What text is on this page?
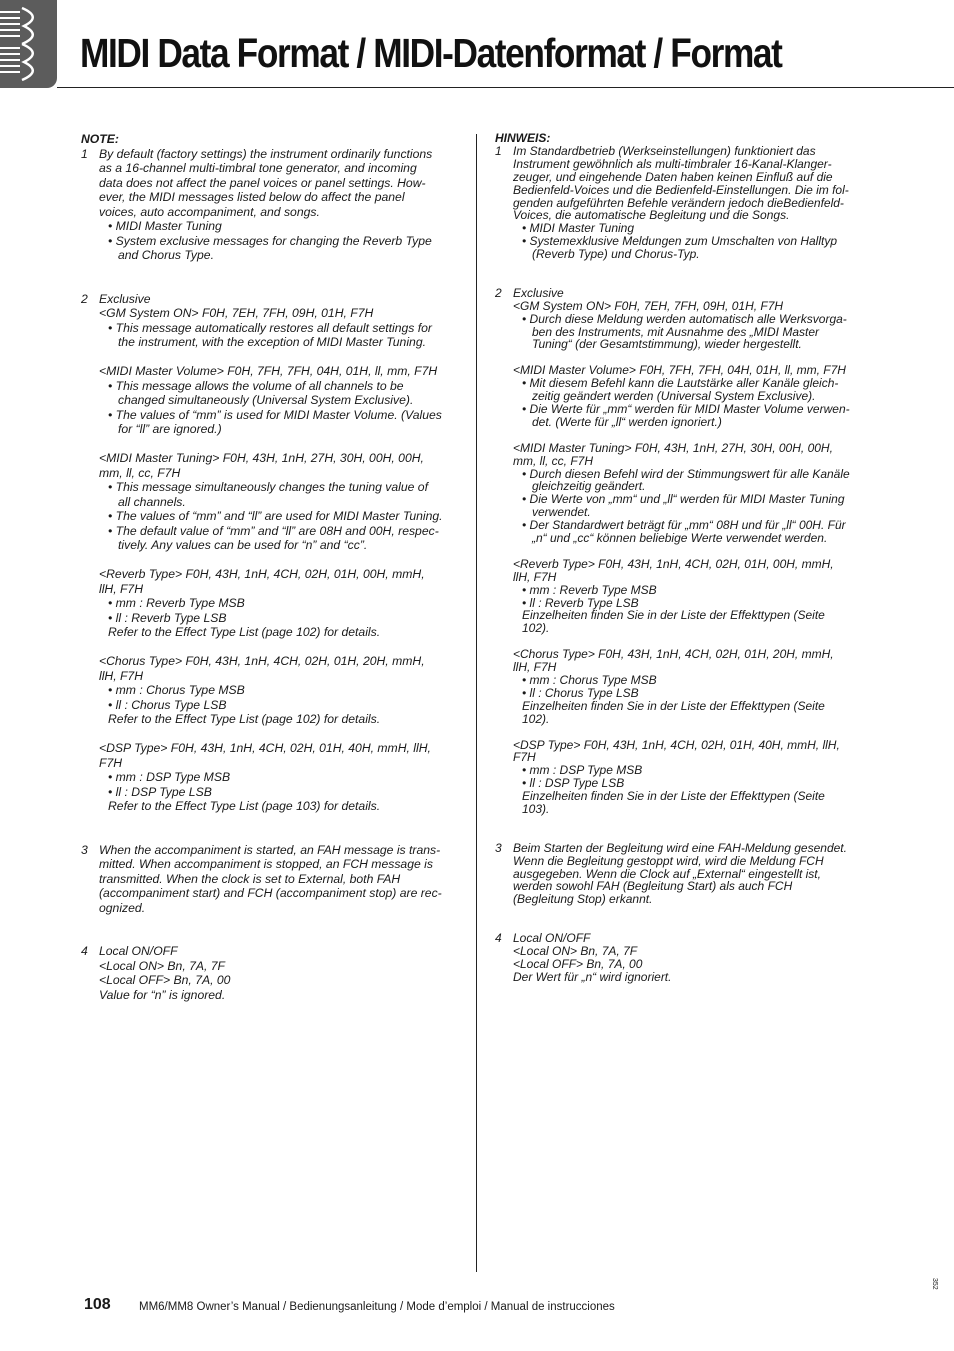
MIDI Data Format / MIDI-Datenformat / Format
NOTE:
1 By default (factory settings) the instrument ordinarily functions
as a 16-channel multi-timbral tone generator, and incoming
data does not affect the panel voices or panel settings. How-
ever, the MIDI messages listed below do affect the panel
voices, auto accompaniment, and songs.
• MIDI Master Tuning
• System exclusive messages for changing the Reverb Type
and Chorus Type.
2 Exclusive
<GM System ON> F0H, 7EH, 7FH, 09H, 01H, F7H
• This message automatically restores all default settings for
the instrument, with the exception of MIDI Master Tuning.
<MIDI Master Volume> F0H, 7FH, 7FH, 04H, 01H, ll, mm, F7H
• This message allows the volume of all channels to be
changed simultaneously (Universal System Exclusive).
• The values of “mm” is used for MIDI Master Volume. (Values
for “ll” are ignored.)
<MIDI Master Tuning> F0H, 43H, 1nH, 27H, 30H, 00H, 00H,
mm, ll, cc, F7H
• This message simultaneously changes the tuning value of
all channels.
• The values of “mm” and “ll” are used for MIDI Master Tuning.
• The default value of “mm” and “ll” are 08H and 00H, respec-
tively. Any values can be used for “n” and “cc”.
<Reverb Type> F0H, 43H, 1nH, 4CH, 02H, 01H, 00H, mmH,
llH, F7H
• mm : Reverb Type MSB
• ll : Reverb Type LSB
Refer to the Effect Type List (page 102) for details.
<Chorus Type> F0H, 43H, 1nH, 4CH, 02H, 01H, 20H, mmH,
llH, F7H
• mm : Chorus Type MSB
• ll : Chorus Type LSB
Refer to the Effect Type List (page 102) for details.
<DSP Type> F0H, 43H, 1nH, 4CH, 02H, 01H, 40H, mmH, llH,
F7H
• mm : DSP Type MSB
• ll : DSP Type LSB
Refer to the Effect Type List (page 103) for details.
3 When the accompaniment is started, an FAH message is trans-
mitted. When accompaniment is stopped, an FCH message is
transmitted. When the clock is set to External, both FAH
(accompaniment start) and FCH (accompaniment stop) are rec-
ognized.
4 Local ON/OFF
<Local ON> Bn, 7A, 7F
<Local OFF> Bn, 7A, 00
Value for “n” is ignored.
HINWEIS:
1 Im Standardbetrieb (Werkseinstellungen) funktioniert das
Instrument gewöhnlich als multi-timbraler 16-Kanal-Klanger-
zeuger, und eingehende Daten haben keinen Einfluß auf die
Bedienfeld-Voices und die Bedienfeld-Einstellungen. Die im fol-
genden aufgeführten Befehle verändern jedoch dieBedienfeld-
Voices, die automatische Begleitung und die Songs.
• MIDI Master Tuning
• Systemexklusive Meldungen zum Umschalten von Halltyp
(Reverb Type) und Chorus-Typ.
2 Exclusive
<GM System ON> F0H, 7EH, 7FH, 09H, 01H, F7H
• Durch diese Meldung werden automatisch alle Werksvorga-
ben des Instruments, mit Ausnahme des „MIDI Master
Tuning“ (der Gesamtstimmung), wieder hergestellt.
<MIDI Master Volume> F0H, 7FH, 7FH, 04H, 01H, ll, mm, F7H
• Mit diesem Befehl kann die Lautstärke aller Kanäle gleich-
zeitig geändert werden (Universal System Exclusive).
• Die Werte für „mm“ werden für MIDI Master Volume verwen-
det. (Werte für „ll“ werden ignoriert.)
<MIDI Master Tuning> F0H, 43H, 1nH, 27H, 30H, 00H, 00H,
mm, ll, cc, F7H
• Durch diesen Befehl wird der Stimmungswert für alle Kanäle
gleichzeitig geändert.
• Die Werte von „mm“ und „ll“ werden für MIDI Master Tuning
verwendet.
• Der Standardwert beträgt für „mm“ 08H und für „ll“ 00H. Für
„n“ und „cc“ können beliebige Werte verwendet werden.
<Reverb Type> F0H, 43H, 1nH, 4CH, 02H, 01H, 00H, mmH,
llH, F7H
• mm : Reverb Type MSB
• ll : Reverb Type LSB
Einzelheiten finden Sie in der Liste der Effekttypen (Seite
102).
<Chorus Type> F0H, 43H, 1nH, 4CH, 02H, 01H, 20H, mmH,
llH, F7H
• mm : Chorus Type MSB
• ll : Chorus Type LSB
Einzelheiten finden Sie in der Liste der Effekttypen (Seite
102).
<DSP Type> F0H, 43H, 1nH, 4CH, 02H, 01H, 40H, mmH, llH,
F7H
• mm : DSP Type MSB
• ll : DSP Type LSB
Einzelheiten finden Sie in der Liste der Effekttypen (Seite
103).
3 Beim Starten der Begleitung wird eine FAH-Meldung gesendet.
Wenn die Begleitung gestoppt wird, wird die Meldung FCH
ausgegeben. Wenn die Clock auf „External“ eingestellt ist,
werden sowohl FAH (Begleitung Start) als auch FCH
(Begleitung Stop) erkannt.
4 Local ON/OFF
<Local ON> Bn, 7A, 7F
<Local OFF> Bn, 7A, 00
Der Wert für „n“ wird ignoriert.
108 MM6/MM8 Owner’s Manual / Bedienungsanleitung / Mode d’emploi / Manual de instrucciones
352
